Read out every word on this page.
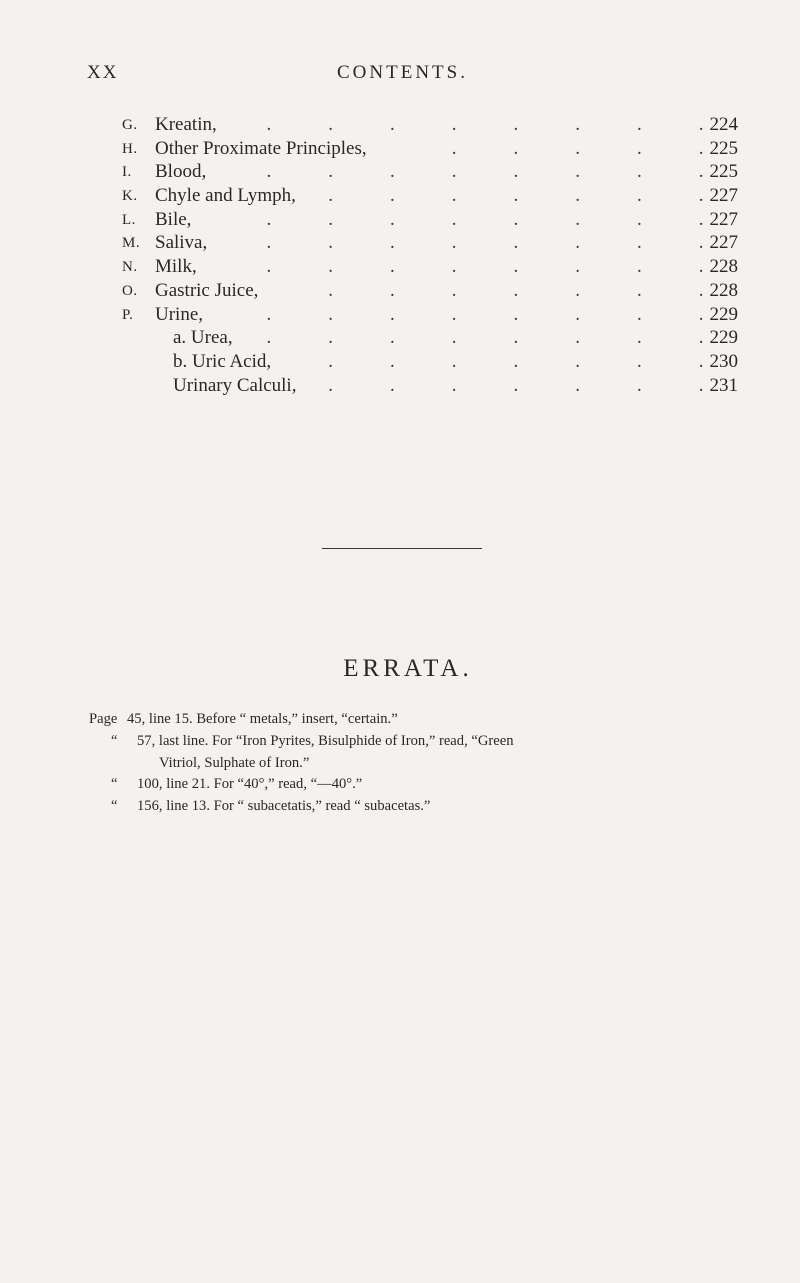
XX	CONTENTS.
G. Kreatin,	224
.   .   .   .   .   .   .   .
H. Other Proximate Principles,	225
.   .   .   .   .
I. Blood,	225
.   .   .   .   .   .   .   .
K. Chyle and Lymph,	227
.   .   .   .   .   .   .
L. Bile,	227
.   .   .   .   .   .   .   .
M. Saliva,	227
.   .   .   .   .   .   .   .
N. Milk,	228
.   .   .   .   .   .   .   .
O. Gastric Juice,	228
.   .   .   .   .   .   .
P. Urine,	229
.   .   .   .   .   .   .   .
a. Urea,	229
.   .   .   .   .   .   .   .
b. Uric Acid,	230
.   .   .   .   .   .   .
Urinary Calculi,	231
.   .   .   .   .   .   .
ERRATA.
Page 45, line 15. Before “ metals,” insert, “certain.”
“ 57, last line. For “Iron Pyrites, Bisulphide of Iron,” read, “Green
Vitriol, Sulphate of Iron.”
“ 100, line 21. For “40°,” read, “—40°.”
“ 156, line 13. For “ subacetatis,” read “ subacetas.”
